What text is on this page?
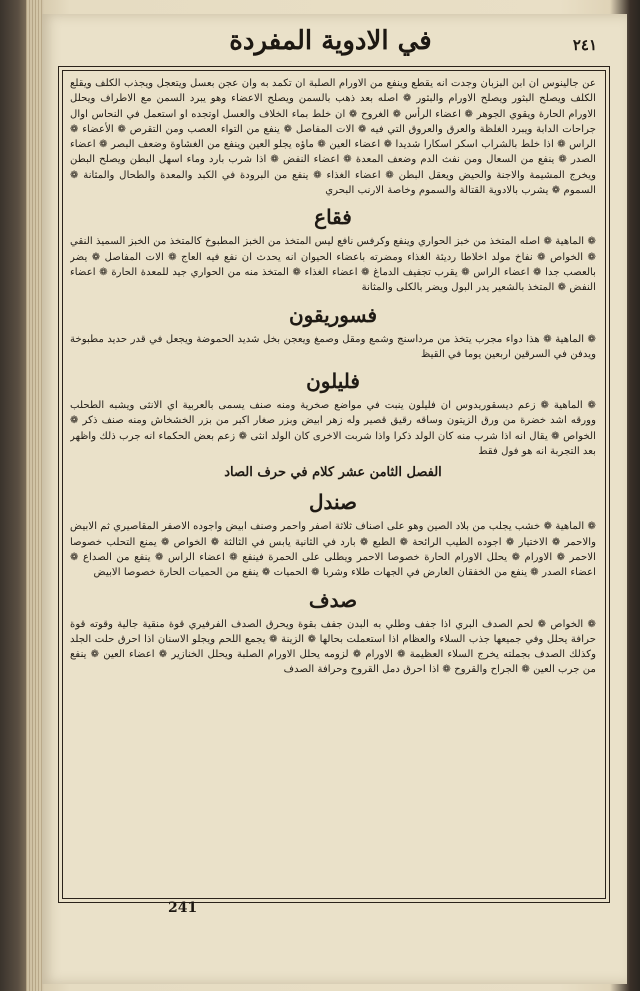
في الادوية المفردة	٢٤١

عن جالينوس ان ابن البزبان وجدت انه يقطع وينفع من الاورام الصلبة ان تكمد به وان عجن بعسل ويتعجل ويجذب الكلف ويقلع الكلف ويصلح البثور ويصلح الاورام والبثور ❁ اصله بعد ذهب بالسمن ويصلح الاعضاء وهو يبرد السمن مع الاطراف ويحلل الاورام الحارة ويقوي الجوهر ❁ اعضاء الرأس ❁ الغروح ❁ ان خلط بماء الخلاف والعسل اوتجده او استعمل في النحاس اوال جراحات الدابة ويبرد الغلظة والعرق والعروق التي فيه ❁ الات المفاصل ❁ ينفع من التواء العصب ومن التقرص ❁ الأعضاء ❁ الراس ❁ اذا خلط بالشراب اسكر اسكارا شديدا ❁ اعضاء العين ❁ ماؤه يجلو العين وينفع من الغشاوة وضعف البصر ❁ اعضاء الصدر ❁ ينفع من السعال ومن نفث الدم وضعف المعدة ❁ اعضاء النفض ❁ اذا شرب بارد وماء اسهل البطن ويصلح البطن ويخرج المشيمة والاجنة والحيض ويعقل البطن ❁ اعضاء الغذاء ❁ ينفع من البرودة في الكبد والمعدة والطحال والمثانة ❁ السموم ❁ يشرب بالادوية القتالة والسموم وخاصة الارنب البحري

فقاع

❁ الماهية ❁ اصله المتخذ من خبز الحواري وينفع وكرفس نافع ليس المتخذ من الخبز المطبوخ كالمتخذ من الخبز السميذ النقي ❁ الخواص ❁ نفاخ مولد اخلاطا رديئة الغذاء ومضرته باعضاء الحيوان انه يحدث ان نفع فيه العاج ❁ الات المفاصل ❁ يضر بالعصب جدا ❁ اعضاء الراس ❁ يقرب تجفيف الدماغ ❁ اعضاء الغذاء ❁ المتخذ منه من الحواري جيد للمعدة الحارة ❁ اعضاء النفض ❁ المتخذ بالشعير يدر البول ويضر بالكلى والمثانة

فسوريقون

❁ الماهية ❁ هذا دواء مجرب يتخذ من مرداسنج وشمع ومقل وصمغ ويعجن بخل شديد الحموضة ويجعل في قدر حديد مطبوخة ويدفن في السرقين اربعين يوما في القيظ

فليلون

❁ الماهية ❁ زعم ديسقوريدوس ان فليلون ينبت في مواضع صخرية ومنه صنف يسمى بالعربية اي الانثى ويشبه الطحلب وورقه اشد خضرة من ورق الزيتون وساقه رقيق قصير وله زهر ابيض وبزر صغار اكبر من بزر الخشخاش ومنه صنف ذكر ❁ الخواص ❁ يقال انه اذا شرب منه كان الولد ذكرا واذا شربت الاخرى كان الولد انثى ❁ زعم بعض الحكماء انه جرب ذلك واظهر بعد التجربة انه هو فول فقط

الفصل الثامن عشر كلام في حرف الصاد
صندل

❁ الماهية ❁ خشب يجلب من بلاد الصين وهو على اصناف ثلاثة اصفر واحمر وصنف ابيض واجوده الاصفر المقاصيري ثم الابيض والاحمر ❁ الاختيار ❁ اجوده الطيب الرائحة ❁ الطبع ❁ بارد في الثانية يابس في الثالثة ❁ الخواص ❁ يمنع التحلب خصوصا الاحمر ❁ الاورام ❁ يحلل الاورام الحارة خصوصا الاحمر ويطلى على الحمرة فينفع ❁ اعضاء الراس ❁ ينفع من الصداع ❁ اعضاء الصدر ❁ ينفع من الخفقان العارض في الجهات طلاء وشربا ❁ الحميات ❁ ينفع من الحميات الحارة خصوصا الابيض

صدف

❁ الخواص ❁ لحم الصدف البري اذا جفف وطلي به البدن جفف بقوة ويحرق الصدف الفرفيري قوة منقية جالية وقوته قوة حرافة يحلل وفي جميعها جذب السلاء والعظام اذا استعملت بحالها ❁ الزينة ❁ يجمع اللحم ويجلو الاسنان اذا احرق حلت الجلد وكذلك الصدف بجملته يخرج السلاء العظيمة ❁ الاورام ❁ لزومه يحلل الاورام الصلبة ويحلل الخنازير ❁ اعضاء العين ❁ ينفع من جرب العين ❁ الجراح والقروح ❁ اذا احرق دمل القروح وحرافة الصدف

241
